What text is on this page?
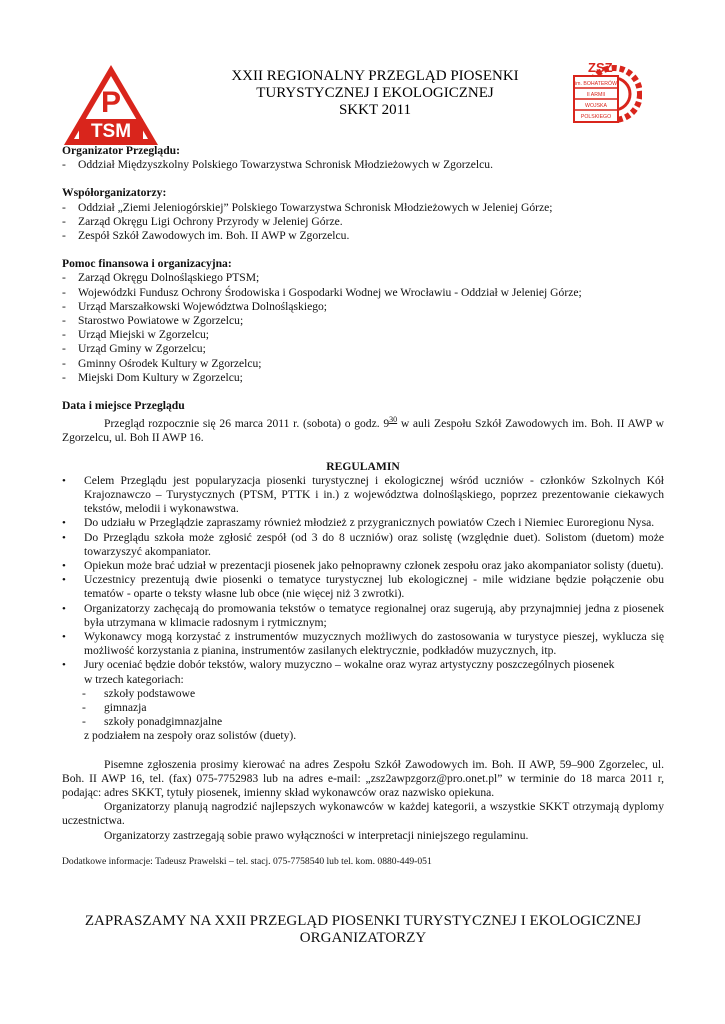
P
TSM
ZSZ
im. BOHATERÓW
II ARMII
WOJSKA
POLSKIEGO
XXII REGIONALNY PRZEGLĄD PIOSENKI
TURYSTYCZNEJ I EKOLOGICZNEJ
SKKT 2011

Organizator Przeglądu:

-	Oddział Międzyszkolny Polskiego Towarzystwa Schronisk Młodzieżowych w Zgorzelcu.

Współorganizatorzy:

-	Oddział „Ziemi Jeleniogórskiej” Polskiego Towarzystwa Schronisk Młodzieżowych w Jeleniej Górze;
-	Zarząd Okręgu Ligi Ochrony Przyrody w Jeleniej Górze.
-	Zespół Szkół Zawodowych im. Boh. II AWP w Zgorzelcu.

Pomoc finansowa i organizacyjna:

-	Zarząd Okręgu Dolnośląskiego PTSM;
-	Wojewódzki Fundusz Ochrony Środowiska i Gospodarki Wodnej we Wrocławiu - Oddział w Jeleniej Górze;
-	Urząd Marszałkowski Województwa Dolnośląskiego;
-	Starostwo Powiatowe w Zgorzelcu;
-	Urząd Miejski w Zgorzelcu;
-	Urząd Gminy w Zgorzelcu;
-	Gminny Ośrodek Kultury w Zgorzelcu;
-	Miejski Dom Kultury w Zgorzelcu;

Data i miejsce Przeglądu

Przegląd rozpocznie się 26 marca 2011 r. (sobota) o godz. $9^{30}$ w auli Zespołu Szkół Zawodowych im. Boh. II AWP w Zgorzelcu, ul. Boh II AWP 16.

REGULAMIN

•	Celem Przeglądu jest popularyzacja piosenki turystycznej i ekologicznej wśród uczniów - członków Szkolnych Kół Krajoznawczo – Turystycznych (PTSM, PTTK i in.) z województwa dolnośląskiego, poprzez prezentowanie ciekawych tekstów, melodii i wykonawstwa.
•	Do udziału w Przeglądzie zapraszamy również młodzież z przygranicznych powiatów Czech i Niemiec Euroregionu Nysa.
•	Do Przeglądu szkoła może zgłosić zespół (od 3 do 8 uczniów) oraz solistę (względnie duet). Solistom (duetom) może towarzyszyć akompaniator.
•	Opiekun może brać udział w prezentacji piosenek jako pełnoprawny członek zespołu oraz jako akompaniator solisty (duetu).
•	Uczestnicy prezentują dwie piosenki o tematyce turystycznej lub ekologicznej - mile widziane będzie połączenie obu tematów - oparte o teksty własne lub obce (nie więcej niż 3 zwrotki).
•	Organizatorzy zachęcają do promowania tekstów o tematyce regionalnej oraz sugerują, aby przynajmniej jedna z piosenek była utrzymana w klimacie radosnym i rytmicznym;
•	Wykonawcy mogą korzystać z instrumentów muzycznych możliwych do zastosowania w turystyce pieszej, wyklucza się możliwość korzystania z pianina, instrumentów zasilanych elektrycznie, podkładów muzycznych, itp.
•	Jury oceniać będzie dobór tekstów, walory muzyczno – wokalne oraz wyraz artystyczny poszczególnych piosenek

w trzech kategoriach:

-	szkoły podstawowe
-	gimnazja
-	szkoły ponadgimnazjalne

z podziałem na zespoły oraz solistów (duety).

Pisemne zgłoszenia prosimy kierować na adres Zespołu Szkół Zawodowych im. Boh. II AWP, 59–900 Zgorzelec, ul. Boh. II AWP 16, tel. (fax) 075-7752983 lub na adres e-mail: „zsz2awpzgorz@pro.onet.pl” w terminie do 18 marca 2011 r, podając: adres SKKT, tytuły piosenek, imienny skład wykonawców oraz nazwisko opiekuna.

Organizatorzy planują nagrodzić najlepszych wykonawców w każdej kategorii, a wszystkie SKKT otrzymają dyplomy uczestnictwa.

Organizatorzy zastrzegają sobie prawo wyłączności w interpretacji niniejszego regulaminu.

Dodatkowe informacje: Tadeusz Prawelski – tel. stacj. 075-7758540 lub tel. kom. 0880-449-051

ZAPRASZAMY NA XXII PRZEGLĄD PIOSENKI TURYSTYCZNEJ I EKOLOGICZNEJ
ORGANIZATORZY
